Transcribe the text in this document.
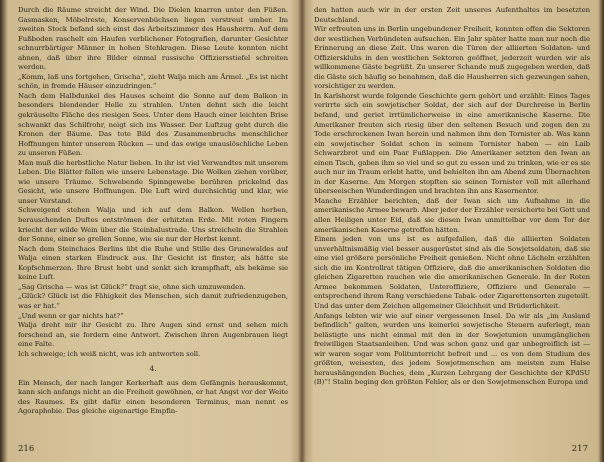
Durch die Räume streicht der Wind. Die Dielen knarren unter den Füßen. Gasmasken, Möbelreste, Konservenbüchsen liegen verstreut umher. Im zweiten Stock befand sich einst das Arbeitszimmer des Hausherrn. Auf dem Fußboden raschelt ein Haufen verblichener Fotografien, darunter Gesichter schnurrbärtiger Männer in hohen Stehkragen. Diese Leute konnten nicht ahnen, daß über ihre Bilder einmal russische Offiziersstiefel schreiten werden.

„Komm, laß uns fortgehen, Grischa“, zieht Walja mich am Ärmel. „Es ist nicht schön, in fremde Häuser einzudringen.“

Nach dem Halbdunkel des Hauses scheint die Sonne auf dem Balkon in besonders blendender Helle zu strahlen. Unten dehnt sich die leicht gekräuselte Fläche des riesigen Sees. Unter dem Hauch einer leichten Brise schwankt das Schilfrohr, neigt sich ins Wasser. Der Luftzug geht durch die Kronen der Bäume. Das tote Bild des Zusammenbruchs menschlicher Hoffnungen hinter unserem Rücken — und das ewige unauslöschliche Leben zu unseren Füßen.

Man muß die herbstliche Natur lieben. In ihr ist viel Verwandtes mit unserem Leben. Die Blätter fallen wie unsere Lebenstage. Die Wolken ziehen vorüber, wie unsere Träume. Schwebende Spinngewebe berühren prickelnd das Gesicht, wie unsere Hoffnungen. Die Luft wird durchsichtig und klar, wie unser Verstand.

Schweigend stehen Walja und ich auf dem Balkon. Wellen herben, berauschenden Duftes entströmen der erhitzten Erde. Mit roten Fingern kriecht der wilde Wein über die Steinbalustrade. Uns streicheln die Strahlen der Sonne, einer so grellen Sonne, wie sie nur der Herbst kennt.

Nach dem Steinchaos Berlins übt die Ruhe und Stille des Grunewaldes auf Walja einen starken Eindruck aus. Ihr Gesicht ist finster, als hätte sie Kopfschmerzen. Ihre Brust hebt und senkt sich krampfhaft, als bekäme sie keine Luft.

„Sag Grischa — was ist Glück?“ fragt sie, ohne sich umzuwenden.

„Glück? Glück ist die Fähigkeit des Menschen, sich damit zufriedenzugeben, was er hat.“

„Und wenn er gar nichts hat?“

Walja dreht mir ihr Gesicht zu. Ihre Augen sind ernst und sehen mich forschend an, sie fordern eine Antwort. Zwischen ihren Augenbrauen liegt eine Falte.

Ich schweige; ich weiß nicht, was ich antworten soll.

4.

Ein Mensch, der nach langer Kerkerhaft aus dem Gefängnis herauskommt, kann sich anfangs nicht an die Freiheit gewöhnen, er hat Angst vor der Weite des Raumes. Es gibt dafür einen besonderen Terminus, man nennt es Agoraphobie. Das gleiche eigenartige Empfin-

216

den hatten auch wir in der ersten Zeit unseres Aufenthaltes im besetzten Deutschland.

Wir erfreuten uns in Berlin ungebundener Freiheit, konnten offen die Sektoren der westlichen Verbündeten aufsuchen. Ein Jahr später hatte man nur noch die Erinnerung an diese Zeit. Uns waren die Türen der alliierten Soldaten- und Offiziersklubs in den westlichen Sektoren geöffnet, jederzeit wurden wir als willkommene Gäste begrüßt. Zu unserer Schande muß zugegeben werden, daß die Gäste sich häufig so benahmen, daß die Hausherren sich gezwungen sahen, vorsichtiger zu werden.

In Karlshorst wurde folgende Geschichte gern gehört und erzählt: Eines Tages verirrte sich ein sowjetischer Soldat, der sich auf der Durchreise in Berlin befand, und geriet irrtümlicherweise in eine amerikanische Kaserne. Die Amerikaner freuten sich riesig über den seltenen Besuch und zogen den zu Tode erschrockenen Iwan herein und nahmen ihm den Tornister ab. Was kann ein sowjetischer Soldat schon in seinem Tornister haben — ein Laib Schwarzbrot und ein Paar Fußlappen. Die Amerikaner setzten den Iwan an einen Tisch, gaben ihm so viel und so gut zu essen und zu trinken, wie er es sie auch nur im Traum erlebt hatte, und behielten ihn am Abend zum Übernachten in der Kaserne. Am Morgen stopften sie seinen Tornister voll mit allerhand überseeischen Wunderdingen und brachten ihn ans Kasernentor.

Manche Erzähler berichten, daß der Iwan sich um Aufnahme in die amerikanische Armee bewarb. Aber jeder der Erzähler versicherte bei Gott und allen Heiligen unter Eid, daß sie diesen Iwan unmittelbar vor dem Tor der amerikanischen Kaserne getroffen hätten.

Einem jeden von uns ist es aufgefallen, daß die alliierten Soldaten unverhältnismäßig viel besser ausgerüstet sind als die Sowjetsoldaten, daß sie eine viel größere persönliche Freiheit genießen. Nicht ohne Lächeln erzählten sich die im Kontrollrat tätigen Offiziere, daß die amerikanischen Soldaten die gleichen Zigaretten rauchen wie die amerikanischen Generale. In der Roten Armee bekommen Soldaten, Unteroffiziere, Offiziere und Generale — entsprechend ihrem Rang verschiedene Tabak- oder Zigarettensorten zugeteilt. Und das unter dem Zeichen allgemeiner Gleichheit und Brüderlichkeit.

Anfangs lebten wir wie auf einer vergessenen Insel. Da wir als „im Ausland befindlich“ galten, wurden uns keinerlei sowjetische Steuern auferlegt, man belästigte uns nicht einmal mit den in der Sowjetunion unumgänglichen freiwilligen Staatsanleihen. Und was schon ganz und gar unbegreiflich ist — wir waren sogar vom Politunterricht befreit und ... es von dem Studium des größten, weisesten, des jedem Sowjetmenschen am meisten zum Halse heraushängenden Buches, dem „Kurzen Lehrgang der Geschichte der KPdSU (B)“! Stalin beging den größten Fehler, als er den Sowjetmenschen Europa und

217
